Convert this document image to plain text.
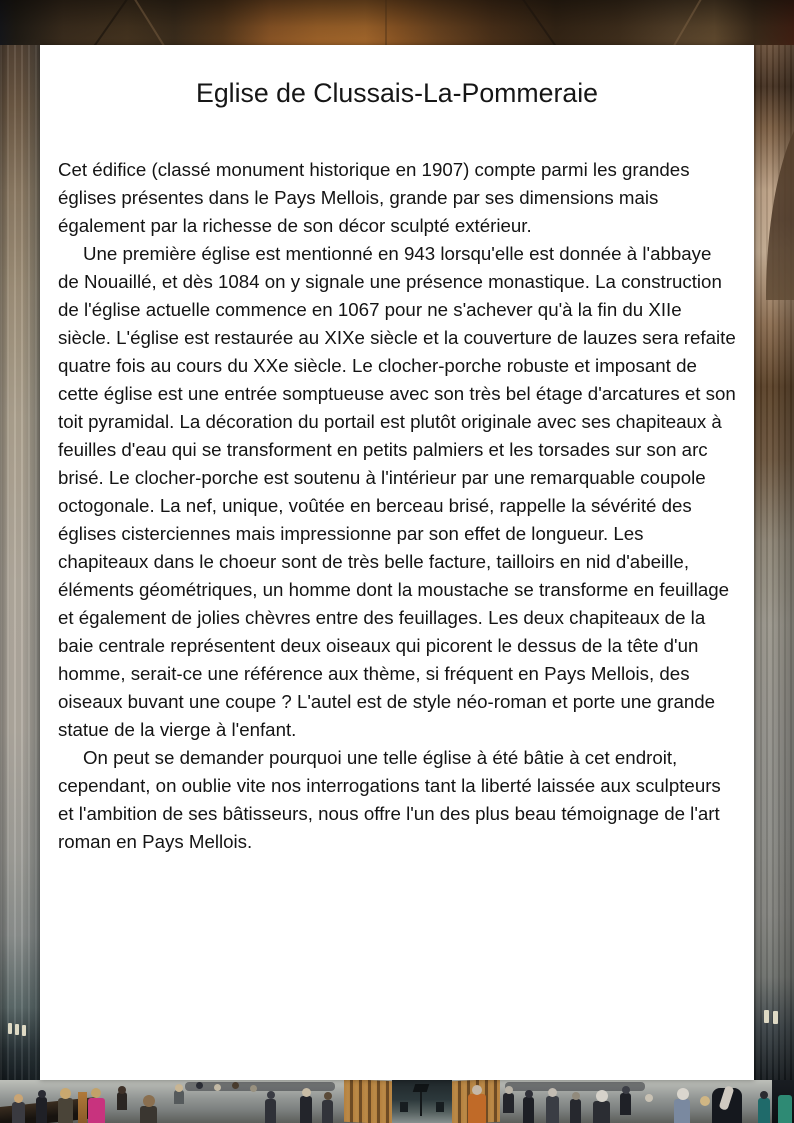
Eglise de Clussais-La-Pommeraie

Cet édifice (classé monument historique en 1907) compte parmi les grandes églises présentes dans le Pays Mellois, grande par ses dimensions mais également par la richesse de son décor sculpté extérieur.

Une première église est mentionné en 943 lorsqu'elle est donnée à l'abbaye de Nouaillé, et dès 1084 on y signale une présence monastique. La construction de l'église actuelle commence en 1067 pour ne s'achever qu'à la fin du XIIe siècle. L'église est restaurée au XIXe siècle et la couverture de lauzes sera refaite quatre fois au cours du XXe siècle. Le clocher-porche robuste et imposant de cette église est une entrée somptueuse avec son très bel étage d'arcatures et son toit pyramidal. La décoration du portail est plutôt originale avec ses chapiteaux à feuilles d'eau qui se transforment en petits palmiers et les torsades sur son arc brisé. Le clocher-porche est soutenu à l'intérieur par une remarquable coupole octogonale. La nef, unique, voûtée en berceau brisé, rappelle la sévérité des églises cisterciennes mais impressionne par son effet de longueur. Les chapiteaux dans le choeur sont de très belle facture, tailloirs en nid d'abeille, éléments géométriques, un homme dont la moustache se transforme en feuillage et également de jolies chèvres entre des feuillages. Les deux chapiteaux de la baie centrale représentent deux oiseaux qui picorent le dessus de la tête d'un homme, serait-ce une référence aux thème, si fréquent en Pays Mellois, des oiseaux buvant une coupe ? L'autel est de style néo-roman et porte une grande statue de la vierge à l'enfant.

On peut se demander pourquoi une telle église à été bâtie à cet endroit, cependant, on oublie vite nos interrogations tant la liberté laissée aux sculpteurs et l'ambition de ses bâtisseurs, nous offre l'un des plus beau témoignage de l'art roman en Pays Mellois.
